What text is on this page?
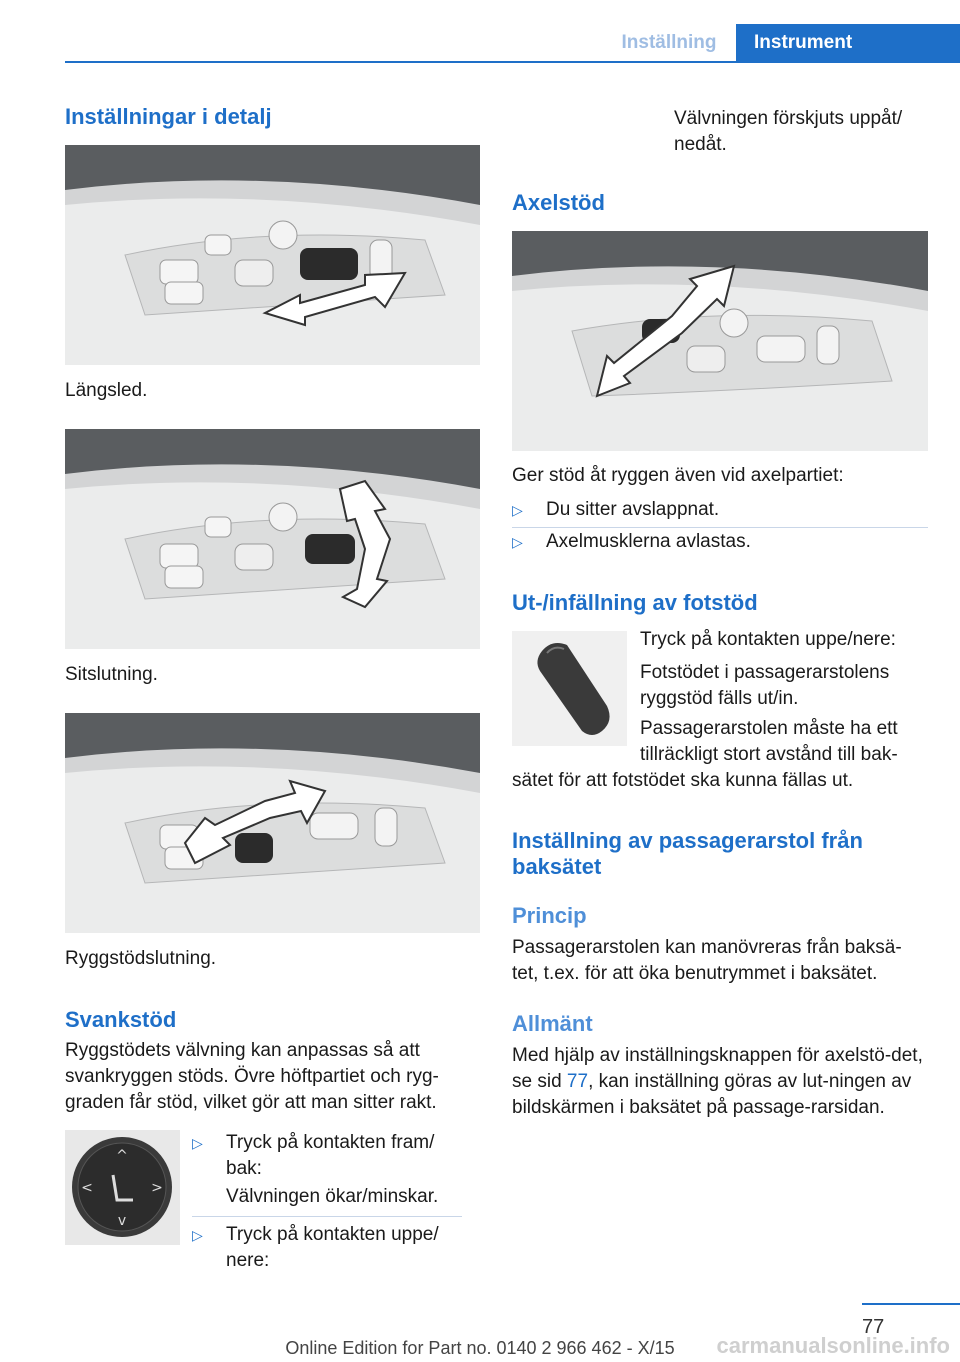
Inställning	Instrument
Inställningar i detalj

Längsled.

Sitslutning.

Ryggstödslutning.

Svankstöd

Ryggstödets välvning kan anpassas så att svankryggen stöds. Övre höftpartiet och ryg-graden får stöd, vilket gör att man sitter rakt.

^
v
<	>
▷ Tryck på kontakten fram/ bak:

Välvningen ökar/minskar.

▷ Tryck på kontakten uppe/ nere:

Välvningen förskjuts uppåt/ nedåt.

Axelstöd

Ger stöd åt ryggen även vid axelpartiet:

▷ Du sitter avslappnat.
▷ Axelmusklerna avlastas.
Ut-/infällning av fotstöd

Tryck på kontakten uppe/nere:

Fotstödet i passagerarstolens ryggstöd fälls ut/in.

Passagerarstolen måste ha ett tillräckligt stort avstånd till bak-

sätet för att fotstödet ska kunna fällas ut.

Inställning av passagerarstol från baksätet
Princip

Passagerarstolen kan manövreras från baksä-tet, t.ex. för att öka benutrymmet i baksätet.

Allmänt

Med hjälp av inställningsknappen för axelstö-det, se sid 77, kan inställning göras av lut-ningen av bildskärmen i baksätet på passage-rarsidan.

77
Online Edition for Part no. 0140 2 966 462 - X/15	carmanualsonline.info
